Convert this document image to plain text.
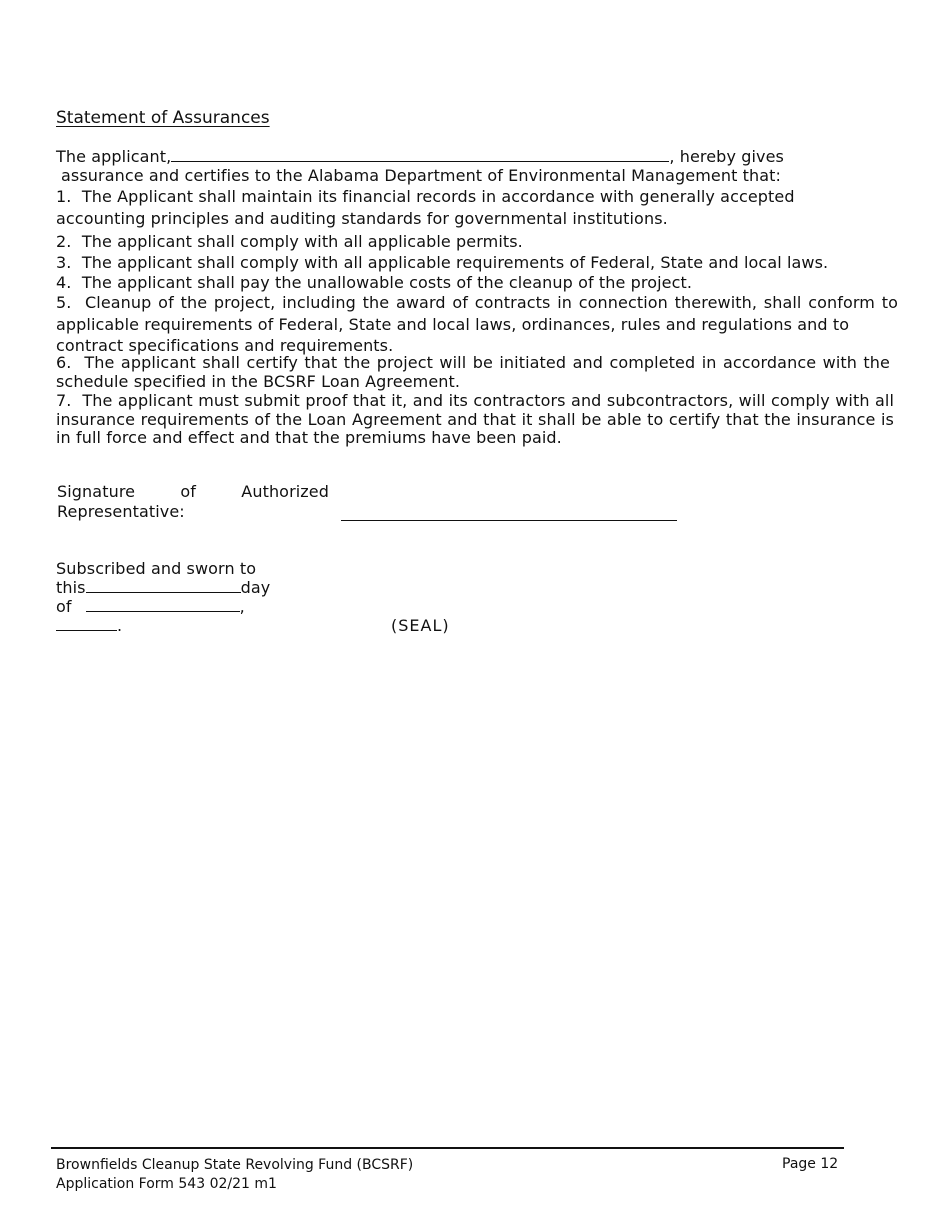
Statement of Assurances
The applicant,	, hereby gives
assurance and certifies to the Alabama Department of Environmental Management that:
1. The Applicant shall maintain its financial records in accordance with generally accepted
accounting principles and auditing standards for governmental institutions.
2. The applicant shall comply with all applicable permits.
3. The applicant shall comply with all applicable requirements of Federal, State and local laws.
4. The applicant shall pay the unallowable costs of the cleanup of the project.
5. Cleanup of the project, including the award of contracts in connection therewith, shall conform to
applicable requirements of Federal, State and local laws, ordinances, rules and regulations and to
contract specifications and requirements.
6. The applicant shall certify that the project will be initiated and completed in accordance with the
schedule specified in the BCSRF Loan Agreement.
7. The applicant must submit proof that it, and its contractors and subcontractors, will comply with all
insurance requirements of the Loan Agreement and that it shall be able to certify that the insurance is
in full force and effect and that the premiums have been paid.
Signature of Authorized
Representative:
Subscribed and sworn to
this	day
of	,
.	(SEAL)
Brownfields Cleanup State Revolving Fund (BCSRF)
Application Form 543 02/21 m1
Page 12
